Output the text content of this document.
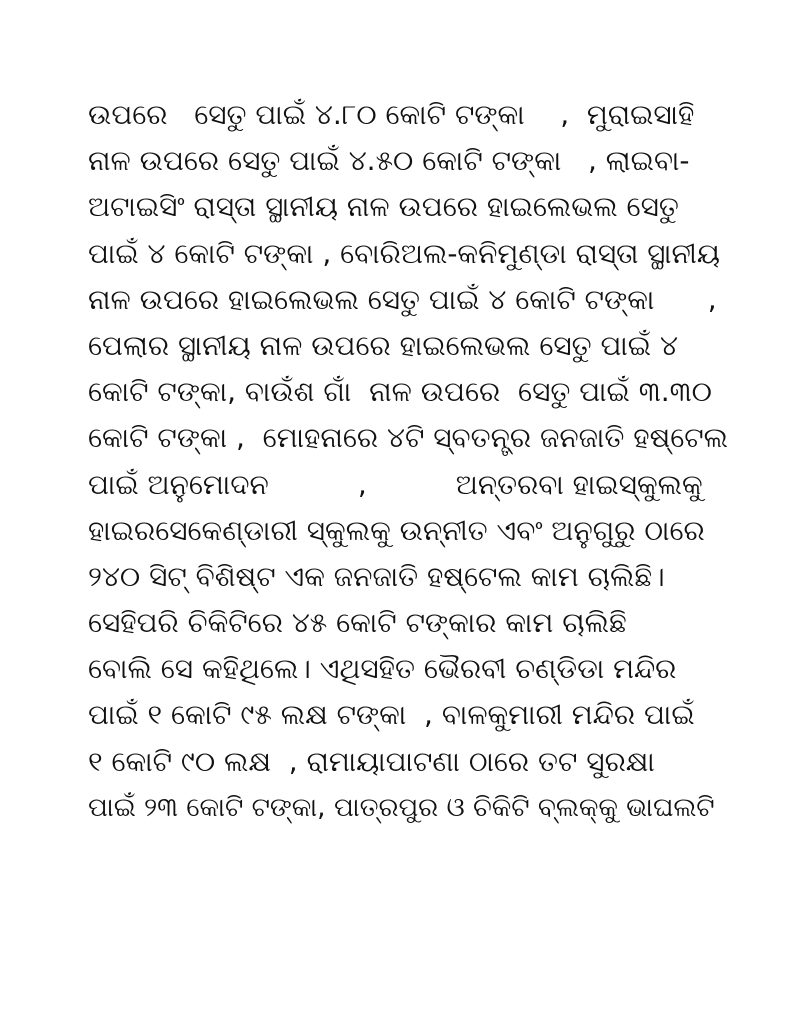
ଉପରେ   ସେତୁ ପାଇଁ ୪.୮୦ କୋଟି ଟଙ୍କା    ,  ମୁରାଇସାହି
ନାଳ ଉପରେ ସେତୁ ପାଇଁ ୪.୫୦ କୋଟି ଟଙ୍କା   , ଲାଇବା-
ଅଟାଇସିଂ ରାସ୍ତା ସ୍ଥାନୀୟ ନାଳ ଉପରେ ହାଇଲେଭଲ ସେତୁ
ପାଇଁ ୪ କୋଟି ଟଙ୍କା , ବୋରିଅଲ-କନିମୁଣ୍ଡା ରାସ୍ତା ସ୍ଥାନୀୟ
ନାଳ ଉପରେ ହାଇଲେଭଲ ସେତୁ ପାଇଁ ୪ କୋଟି ଟଙ୍କା      ,
ପେଲାର ସ୍ଥାନୀୟ ନାଳ ଉପରେ ହାଇଲେଭଲ ସେତୁ ପାଇଁ ୪
କୋଟି ଟଙ୍କା, ବାଉଁଶ ଗାଁ  ନାଳ ଉପରେ  ସେତୁ ପାଇଁ ୩.୩୦
କୋଟି ଟଙ୍କା ,  ମୋହନାରେ ୪ଟି ସ୍ବତନ୍ତ୍ର ଜନଜାତି ହଷ୍ଟେଲ
ପାଇଁ ଅନୁମୋଦନ          ,          ଅନ୍ତରବା ହାଇସ୍କୁଲକୁ
ହାଇରସେକେଣ୍ଡାରୀ ସ୍କୁଲକୁ ଉନ୍ନୀତ ଏବଂ ଅନୁଗୁରୁ ଠାରେ
୨୪୦ ସିଟ୍ ବିଶିଷ୍ଟ ଏକ ଜନଜାତି ହଷ୍ଟେଲ କାମ ଚାଲିଛି।
ସେହିପରି ଚିକିଟିରେ ୪୫ କୋଟି ଟଙ୍କାର କାମ ଚାଲିଛି
ବୋଲି ସେ କହିଥିଲେ। ଏଥିସହିତ ଭୈରବୀ ଚଣ୍ଡିଡା ମନ୍ଦିର
ପାଇଁ ୧ କୋଟି ୯୫ ଲକ୍ଷ ଟଙ୍କା  , ବାଳକୁମାରୀ ମନ୍ଦିର ପାଇଁ
୧ କୋଟି ୯୦ ଲକ୍ଷ  , ରାମାୟାପାଟଣା ଠାରେ ତଟ ସୁରକ୍ଷା
ପାଇଁ ୨୩ କୋଟି ଟଙ୍କା, ପାତ୍ରପୁର ଓ ଚିକିଟି ବ୍ଲକ୍‌କୁ ଭାଘଲଟି
